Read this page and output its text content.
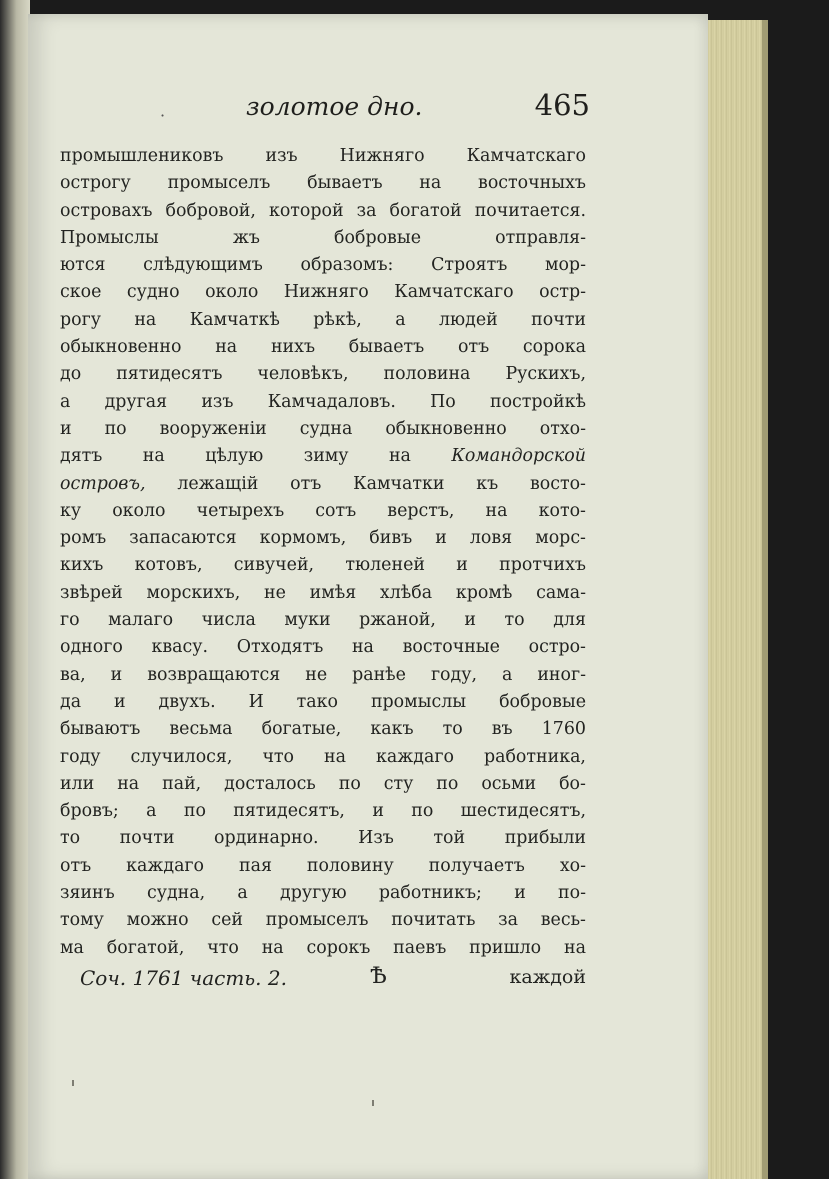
·	золотое дно.	465
промышлениковъ изъ Нижняго Камчатскаго
острогу промыселъ бываетъ на восточныхъ
островахъ бобровой, которой за богатой почитается.
Промыслы	жъ	бобровые	отправля-
ются слѣдующимъ образомъ: Строятъ мор-
ское судно около Нижняго Камчатскаго остр-
рогу на Камчаткѣ рѣкѣ, а людей почти
обыкновенно на нихъ бываетъ отъ сорока
до пятидесятъ человѣкъ, половина Рускихъ,
а другая изъ Камчадаловъ. По постройкѣ
и по вооруженіи судна обыкновенно отхо-
дятъ на цѣлую зиму на Командорской
островъ, лежащій отъ Камчатки къ восто-
ку около четырехъ сотъ верстъ, на кото-
ромъ запасаются кормомъ, бивъ и ловя морс-
кихъ котовъ, сивучей, тюленей и протчихъ
звѣрей морскихъ, не имѣя хлѣба кромѣ сама-
го малаго числа муки ржаной, и то для
одного квасу. Отходятъ на восточные остро-
ва, и возвращаются не ранѣе году, а иног-
да и двухъ. И тако промыслы бобровые
бываютъ весьма богатые, какъ то въ 1760
году случилося, что на каждаго работника,
или на пай, досталось по сту по осьми бо-
бровъ; а по пятидесятъ, и по шестидесятъ,
то почти ординарно. Изъ той прибыли
отъ каждаго пая половину получаетъ хо-
зяинъ судна, а другую работникъ; и по-
тому можно сей промыселъ почитать за весь-
ма богатой, что на сорокъ паевъ пришло на
Соч. 1761 часть. 2.	Ѣ	каждой
